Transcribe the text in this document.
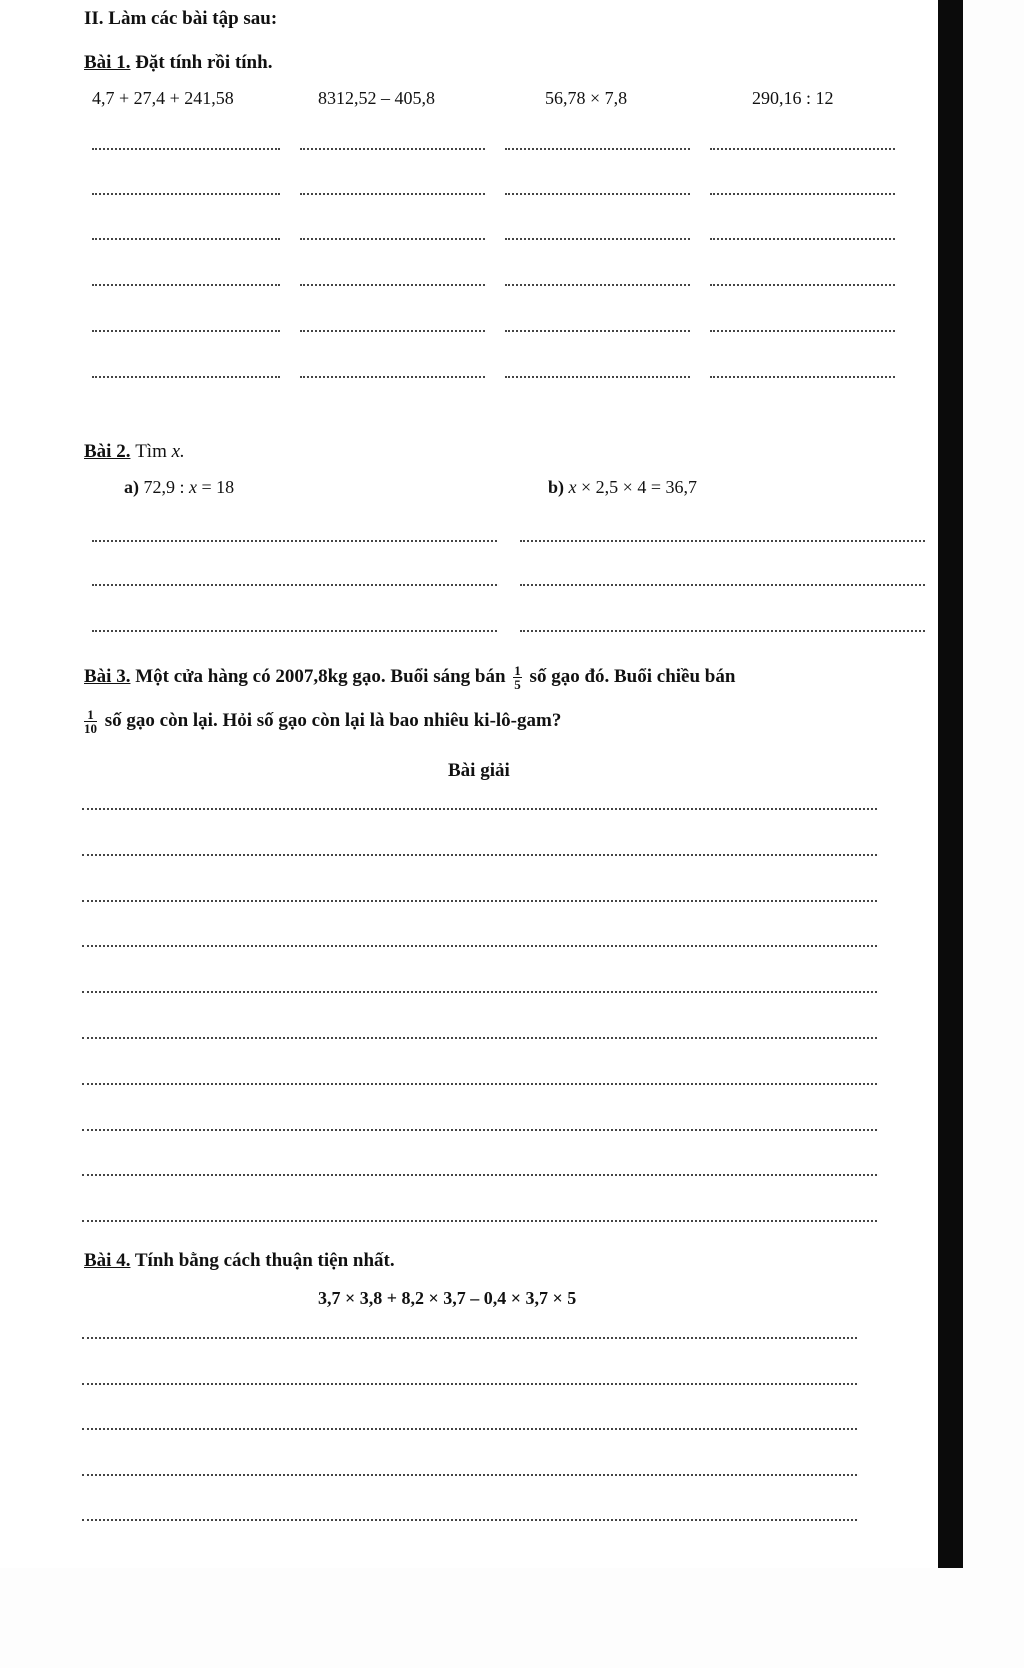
II. Làm các bài tập sau:
Bài 1. Đặt tính rồi tính.
4,7 + 27,4 + 241,58	8312,52 – 405,8	56,78 × 7,8	290,16 : 12
Bài 2. Tìm x.
a) 72,9 : x = 18	b) x × 2,5 × 4 = 36,7
Bài 3. Một cửa hàng có 2007,8kg gạo. Buổi sáng bán $\frac{1}{5}$ số gạo đó. Buổi chiều bán
$\frac{1}{10}$ số gạo còn lại. Hỏi số gạo còn lại là bao nhiêu ki-lô-gam?
Bài giải
Bài 4. Tính bằng cách thuận tiện nhất.
3,7 × 3,8 + 8,2 × 3,7 – 0,4 × 3,7 × 5
